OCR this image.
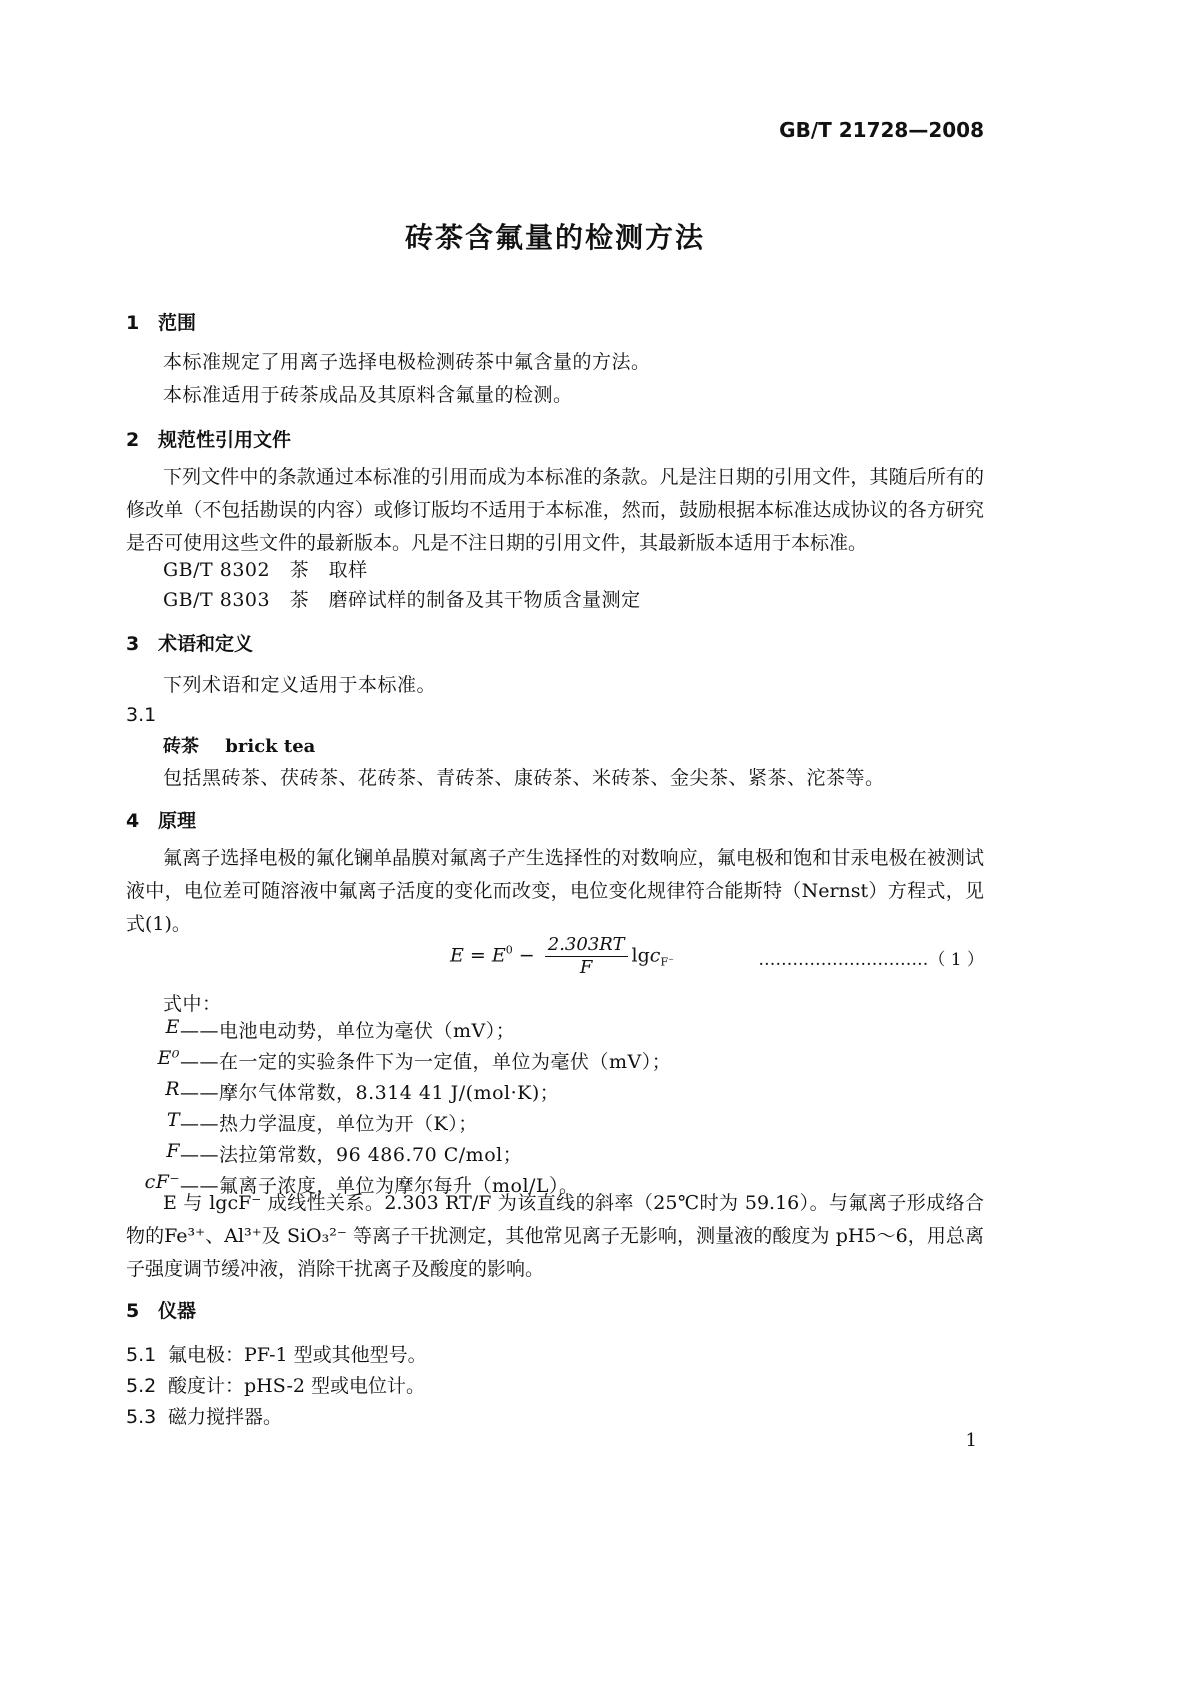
GB/T 21728—2008
砖茶含氟量的检测方法
1 范围
本标准规定了用离子选择电极检测砖茶中氟含量的方法。
本标准适用于砖茶成品及其原料含氟量的检测。
2 规范性引用文件
下列文件中的条款通过本标准的引用而成为本标准的条款。凡是注日期的引用文件，其随后所有的修改单（不包括勘误的内容）或修订版均不适用于本标准，然而，鼓励根据本标准达成协议的各方研究是否可使用这些文件的最新版本。凡是不注日期的引用文件，其最新版本适用于本标准。
GB/T 8302　茶　取样
GB/T 8303　茶　磨碎试样的制备及其干物质含量测定
3 术语和定义
下列术语和定义适用于本标准。
3.1
砖茶 brick tea
包括黑砖茶、茯砖茶、花砖茶、青砖茶、康砖茶、米砖茶、金尖茶、紧茶、沱茶等。
4 原理
氟离子选择电极的氟化镧单晶膜对氟离子产生选择性的对数响应，氟电极和饱和甘汞电极在被测试液中，电位差可随溶液中氟离子活度的变化而改变，电位变化规律符合能斯特（Nernst）方程式，见式(1)。
$E = E^0 - \frac{2.303RT}{F} \lg c_{F^-}$	…………………………（ 1 ）
式中：
E ——电池电动势，单位为毫伏（mV）；
E⁰ ——在一定的实验条件下为一定值，单位为毫伏（mV）；
R ——摩尔气体常数，8.314 41 J/(mol·K)；
T ——热力学温度，单位为开（K）；
F ——法拉第常数，96 486.70 C/mol；
cF⁻ ——氟离子浓度，单位为摩尔每升（mol/L）。
E 与 lgcF⁻ 成线性关系。2.303 RT/F 为该直线的斜率（25℃时为 59.16）。与氟离子形成络合物的Fe³⁺、Al³⁺及 SiO₃²⁻ 等离子干扰测定，其他常见离子无影响，测量液的酸度为 pH5～6，用总离子强度调节缓冲液，消除干扰离子及酸度的影响。
5 仪器
5.1 氟电极：PF-1 型或其他型号。
5.2 酸度计：pHS-2 型或电位计。
5.3 磁力搅拌器。
1
